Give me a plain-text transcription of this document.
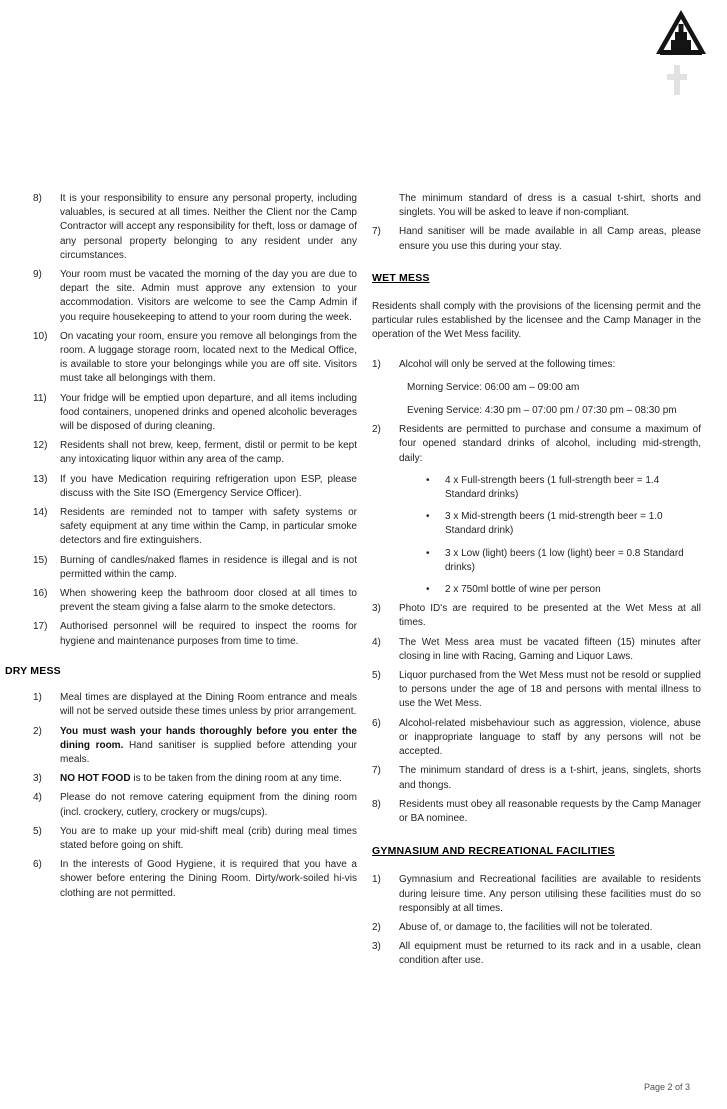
8)	It is your responsibility to ensure any personal property, including valuables, is secured at all times. Neither the Client nor the Camp Contractor will accept any responsibility for theft, loss or damage of any personal property belonging to any resident under any circumstances.
9)	Your room must be vacated the morning of the day you are due to depart the site. Admin must approve any extension to your accommodation. Visitors are welcome to see the Camp Admin if you require housekeeping to attend to your room during the week.
10)	On vacating your room, ensure you remove all belongings from the room. A luggage storage room, located next to the Medical Office, is available to store your belongings while you are off site. Visitors must take all belongings with them.
11)	Your fridge will be emptied upon departure, and all items including food containers, unopened drinks and opened alcoholic beverages will be disposed of during cleaning.
12)	Residents shall not brew, keep, ferment, distil or permit to be kept any intoxicating liquor within any area of the camp.
13)	If you have Medication requiring refrigeration upon ESP, please discuss with the Site ISO (Emergency Service Officer).
14)	Residents are reminded not to tamper with safety systems or safety equipment at any time within the Camp, in particular smoke detectors and fire extinguishers.
15)	Burning of candles/naked flames in residence is illegal and is not permitted within the camp.
16)	When showering keep the bathroom door closed at all times to prevent the steam giving a false alarm to the smoke detectors.
17)	Authorised personnel will be required to inspect the rooms for hygiene and maintenance purposes from time to time.
DRY MESS
1)	Meal times are displayed at the Dining Room entrance and meals will not be served outside these times unless by prior arrangement.
2)	You must wash your hands thoroughly before you enter the dining room. Hand sanitiser is supplied before attending your meals.
3)	NO HOT FOOD is to be taken from the dining room at any time.
4)	Please do not remove catering equipment from the dining room (incl. crockery, cutlery, crockery or mugs/cups).
5)	You are to make up your mid-shift meal (crib) during meal times stated before going on shift.
6)	In the interests of Good Hygiene, it is required that you have a shower before entering the Dining Room. Dirty/work-soiled hi-vis clothing are not permitted.
The minimum standard of dress is a casual t-shirt, shorts and singlets. You will be asked to leave if non-compliant.
7)	Hand sanitiser will be made available in all Camp areas, please ensure you use this during your stay.
WET MESS
Residents shall comply with the provisions of the licensing permit and the particular rules established by the licensee and the Camp Manager in the operation of the Wet Mess facility.
1)	Alcohol will only be served at the following times:
Morning Service: 06:00 am – 09:00 am
Evening Service: 4:30 pm – 07:00 pm / 07:30 pm – 08:30 pm
2)	Residents are permitted to purchase and consume a maximum of four opened standard drinks of alcohol, including mid-strength, daily:
•	4 x Full-strength beers (1 full-strength beer = 1.4 Standard drinks)
•	3 x Mid-strength beers (1 mid-strength beer = 1.0 Standard drink)
•	3 x Low (light) beers (1 low (light) beer = 0.8 Standard drinks)
•	2 x 750ml bottle of wine per person
3)	Photo ID's are required to be presented at the Wet Mess at all times.
4)	The Wet Mess area must be vacated fifteen (15) minutes after closing in line with Racing, Gaming and Liquor Laws.
5)	Liquor purchased from the Wet Mess must not be resold or supplied to persons under the age of 18 and persons with mental illness to use the Wet Mess.
6)	Alcohol-related misbehaviour such as aggression, violence, abuse or inappropriate language to staff by any persons will not be accepted.
7)	The minimum standard of dress is a t-shirt, jeans, singlets, shorts and thongs.
8)	Residents must obey all reasonable requests by the Camp Manager or BA nominee.
GYMNASIUM AND RECREATIONAL FACILITIES
1)	Gymnasium and Recreational facilities are available to residents during leisure time. Any person utilising these facilities must do so responsibly at all times.
2)	Abuse of, or damage to, the facilities will not be tolerated.
3)	All equipment must be returned to its rack and in a usable, clean condition after use.
Page 2 of 3
